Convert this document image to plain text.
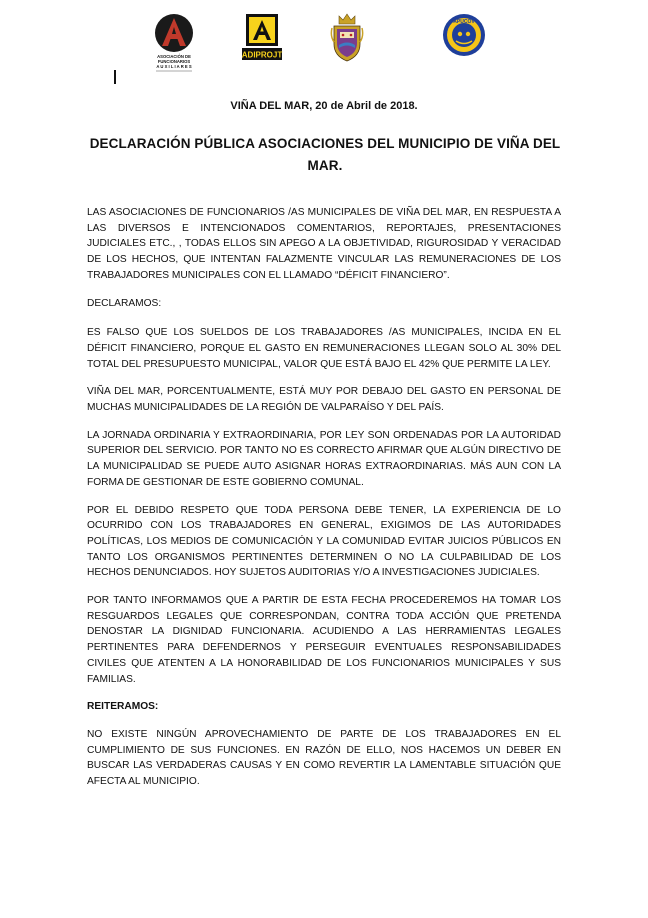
ASOCIACIÓN DE
FUNCIONARIOS
A U X I L I A R E S
ADIPROJT
APUCOV
VIÑA DEL MAR, 20 de Abril de 2018.
DECLARACIÓN PÚBLICA ASOCIACIONES DEL MUNICIPIO DE VIÑA DEL MAR.

LAS ASOCIACIONES DE FUNCIONARIOS /AS MUNICIPALES DE VIÑA DEL MAR, EN RESPUESTA A LAS DIVERSOS E INTENCIONADOS COMENTARIOS, REPORTAJES, PRESENTACIONES JUDICIALES ETC., , TODAS ELLOS SIN APEGO A LA OBJETIVIDAD, RIGUROSIDAD Y VERACIDAD DE LOS HECHOS, QUE INTENTAN FALAZMENTE VINCULAR LAS REMUNERACIONES DE LOS TRABAJADORES MUNICIPALES CON EL LLAMADO “DÉFICIT FINANCIERO”.

DECLARAMOS:

ES FALSO QUE LOS SUELDOS DE LOS TRABAJADORES /AS MUNICIPALES, INCIDA EN EL DÉFICIT FINANCIERO, PORQUE EL GASTO EN REMUNERACIONES LLEGAN SOLO AL 30% DEL TOTAL DEL PRESUPUESTO MUNICIPAL, VALOR QUE ESTÁ BAJO EL 42% QUE PERMITE LA LEY.

VIÑA DEL MAR, PORCENTUALMENTE, ESTÁ MUY POR DEBAJO DEL GASTO EN PERSONAL DE MUCHAS MUNICIPALIDADES DE LA REGIÓN DE VALPARAÍSO Y DEL PAÍS.

LA JORNADA ORDINARIA Y EXTRAORDINARIA, POR LEY SON ORDENADAS POR LA AUTORIDAD SUPERIOR DEL SERVICIO. POR TANTO NO ES CORRECTO AFIRMAR QUE ALGÚN DIRECTIVO DE LA MUNICIPALIDAD SE PUEDE AUTO ASIGNAR HORAS EXTRAORDINARIAS. MÁS AUN CON LA FORMA DE GESTIONAR DE ESTE GOBIERNO COMUNAL.

POR EL DEBIDO RESPETO QUE TODA PERSONA DEBE TENER, LA EXPERIENCIA DE LO OCURRIDO CON LOS TRABAJADORES EN GENERAL, EXIGIMOS DE LAS AUTORIDADES POLÍTICAS, LOS MEDIOS DE COMUNICACIÓN Y LA COMUNIDAD EVITAR JUICIOS PÚBLICOS EN TANTO LOS ORGANISMOS PERTINENTES DETERMINEN O NO LA CULPABILIDAD DE LOS HECHOS DENUNCIADOS. HOY SUJETOS AUDITORIAS Y/O A INVESTIGACIONES JUDICIALES.

POR TANTO INFORMAMOS QUE A PARTIR DE ESTA FECHA PROCEDEREMOS HA TOMAR LOS RESGUARDOS LEGALES QUE CORRESPONDAN, CONTRA TODA ACCIÓN QUE PRETENDA DENOSTAR LA DIGNIDAD FUNCIONARIA. ACUDIENDO A LAS HERRAMIENTAS LEGALES PERTINENTES PARA DEFENDERNOS Y PERSEGUIR EVENTUALES RESPONSABILIDADES CIVILES QUE ATENTEN A LA HONORABILIDAD DE LOS FUNCIONARIOS MUNICIPALES Y SUS FAMILIAS.

REITERAMOS:

NO EXISTE NINGÚN APROVECHAMIENTO DE PARTE DE LOS TRABAJADORES EN EL CUMPLIMIENTO DE SUS FUNCIONES. EN RAZÓN DE ELLO, NOS HACEMOS UN DEBER EN BUSCAR LAS VERDADERAS CAUSAS Y EN COMO REVERTIR LA LAMENTABLE SITUACIÓN QUE AFECTA AL MUNICIPIO.
